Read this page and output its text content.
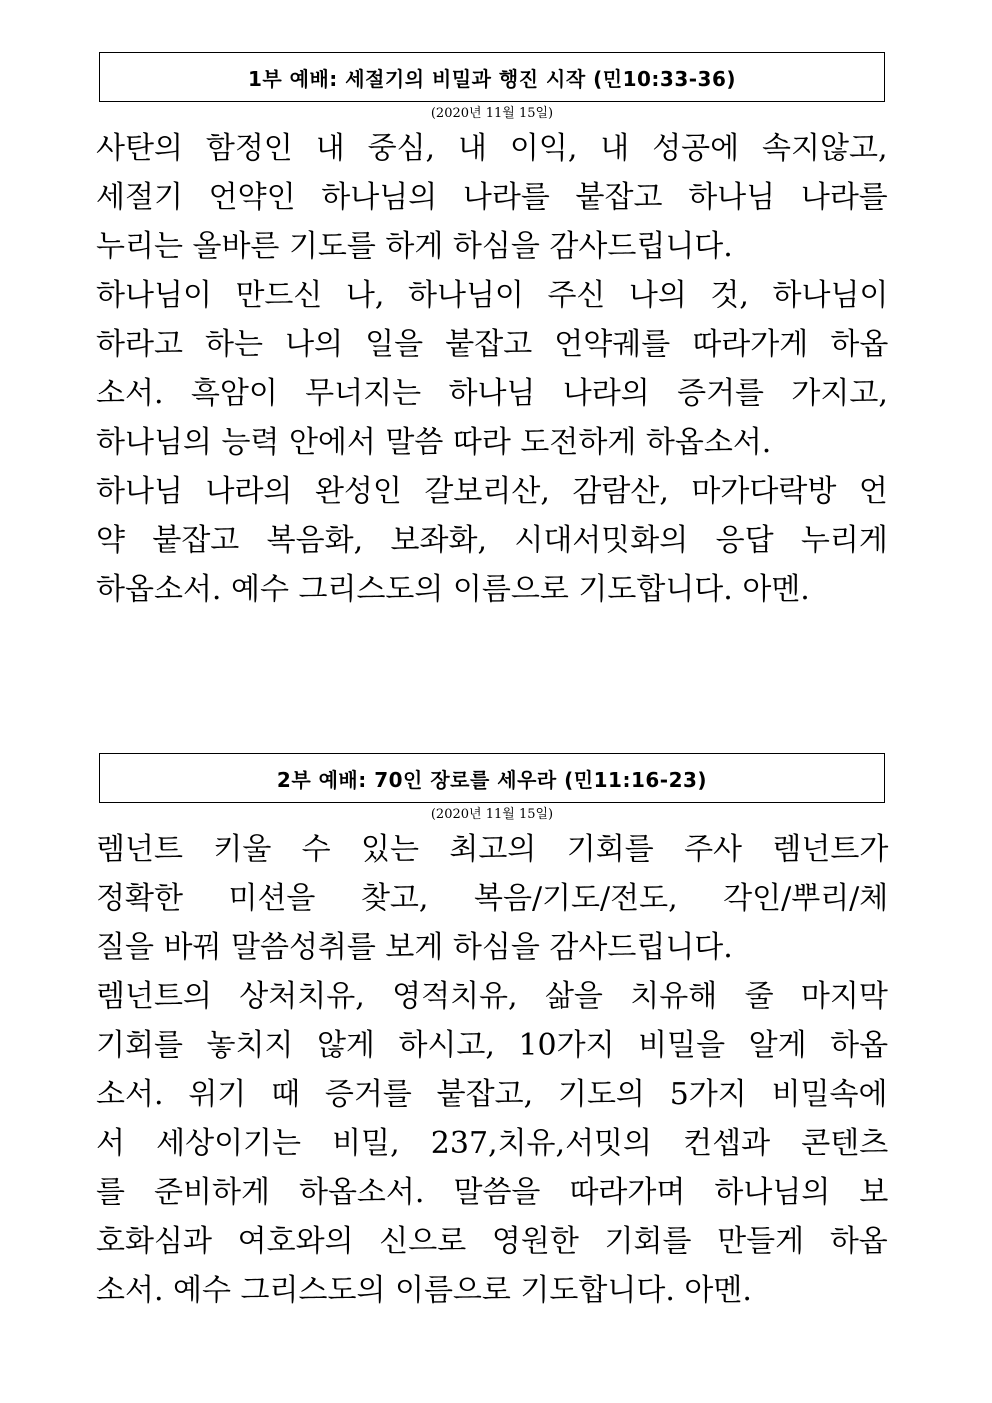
1부 예배: 세절기의 비밀과 행진 시작 (민10:33-36)
(2020년 11월 15일)
사탄의 함정인 내 중심, 내 이익, 내 성공에 속지않고,
세절기 언약인 하나님의 나라를 붙잡고 하나님 나라를
누리는 올바른 기도를 하게 하심을 감사드립니다.
하나님이 만드신 나, 하나님이 주신 나의 것, 하나님이
하라고 하는 나의 일을 붙잡고 언약궤를 따라가게 하옵
소서. 흑암이 무너지는 하나님 나라의 증거를 가지고,
하나님의 능력 안에서 말씀 따라 도전하게 하옵소서.
하나님 나라의 완성인 갈보리산, 감람산, 마가다락방 언
약 붙잡고 복음화, 보좌화, 시대서밋화의 응답 누리게
하옵소서. 예수 그리스도의 이름으로 기도합니다. 아멘.
2부 예배: 70인 장로를 세우라 (민11:16-23)
(2020년 11월 15일)
렘넌트 키울 수 있는 최고의 기회를 주사 렘넌트가
정확한 미션을 찾고, 복음/기도/전도, 각인/뿌리/체
질을 바꿔 말씀성취를 보게 하심을 감사드립니다.
렘넌트의 상처치유, 영적치유, 삶을 치유해 줄 마지막
기회를 놓치지 않게 하시고, 10가지 비밀을 알게 하옵
소서. 위기 때 증거를 붙잡고, 기도의 5가지 비밀속에
서 세상이기는 비밀, 237,치유,서밋의 컨셉과 콘텐츠
를 준비하게 하옵소서. 말씀을 따라가며 하나님의 보
호화심과 여호와의 신으로 영원한 기회를 만들게 하옵
소서. 예수 그리스도의 이름으로 기도합니다. 아멘.
